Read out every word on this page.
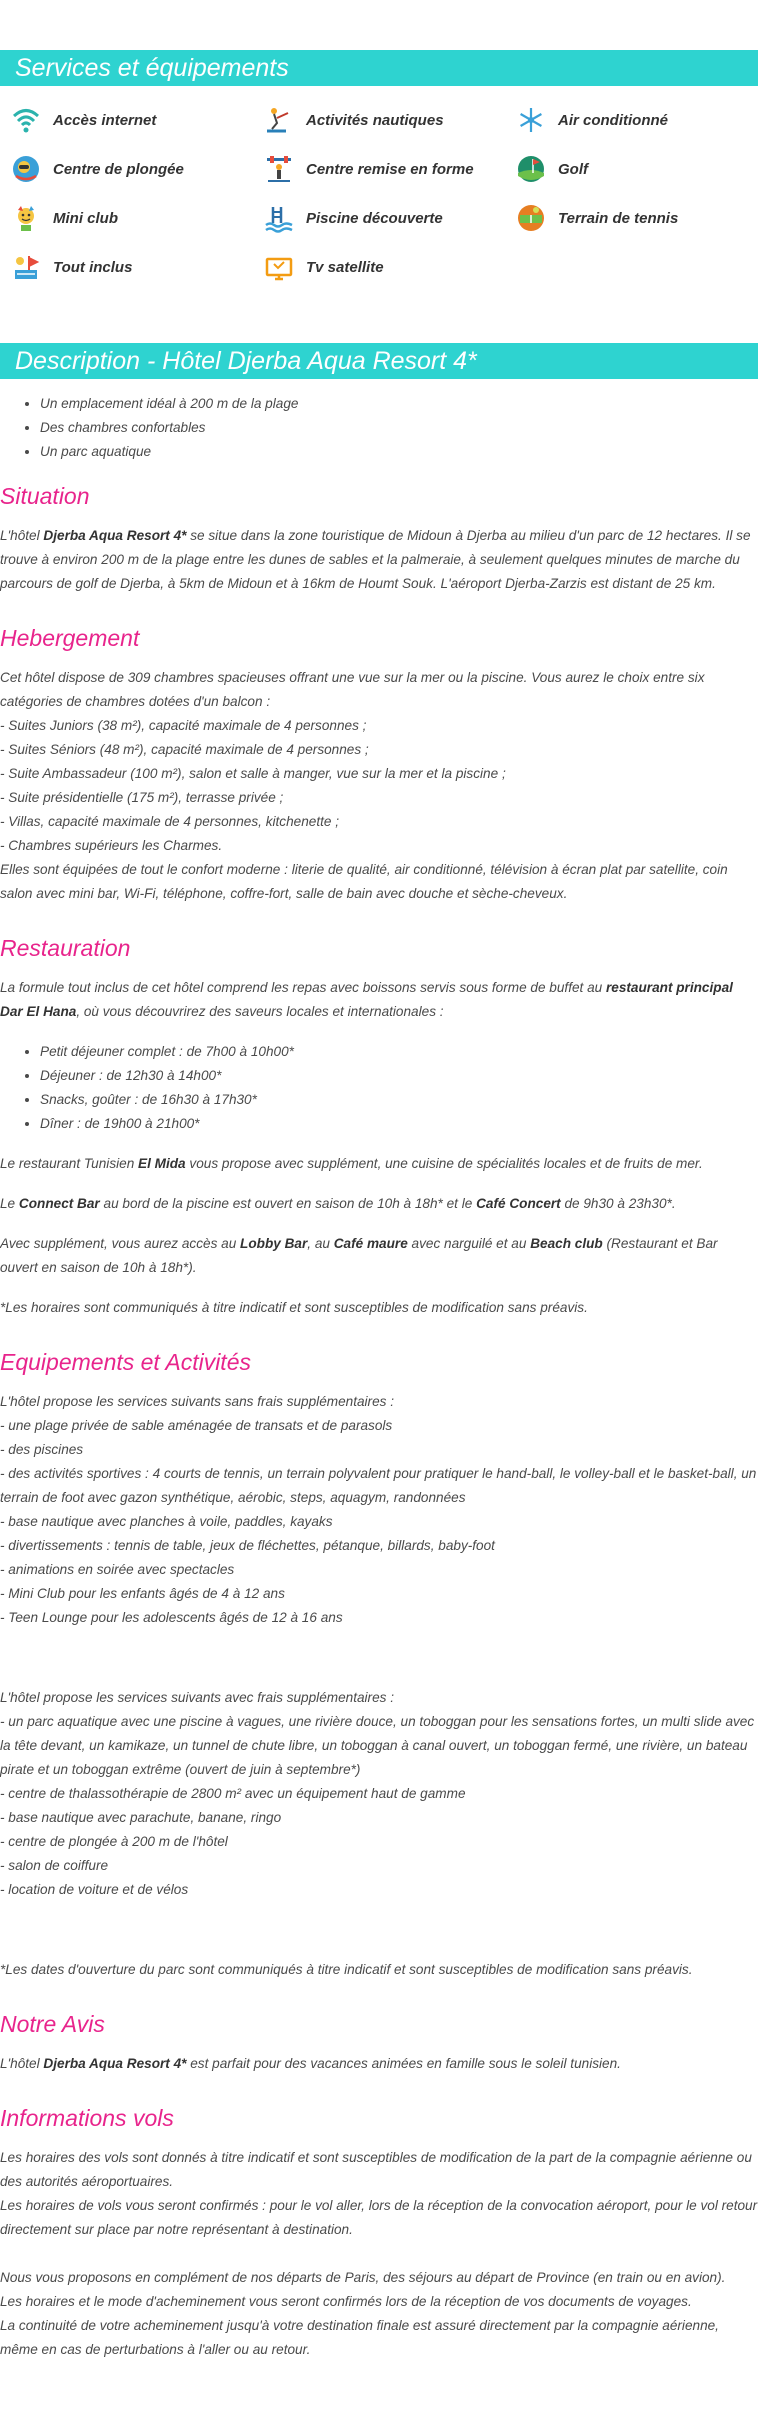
Services et équipements
Accès internet	Activités nautiques	Air conditionné
Centre de plongée	Centre remise en forme	Golf
Mini club	Piscine découverte	Terrain de tennis
Tout inclus	Tv satellite
Description - Hôtel Djerba Aqua Resort 4*
• Un emplacement idéal à 200 m de la plage
• Des chambres confortables
• Un parc aquatique
Situation

L'hôtel Djerba Aqua Resort 4* se situe dans la zone touristique de Midoun à Djerba au milieu d'un parc de 12 hectares. Il se trouve à environ 200 m de la plage entre les dunes de sables et la palmeraie, à seulement quelques minutes de marche du parcours de golf de Djerba, à 5km de Midoun et à 16km de Houmt Souk. L'aéroport Djerba-Zarzis est distant de 25 km.

Hebergement

Cet hôtel dispose de 309 chambres spacieuses offrant une vue sur la mer ou la piscine. Vous aurez le choix entre six catégories de chambres dotées d'un balcon :
- Suites Juniors (38 m²), capacité maximale de 4 personnes ;
- Suites Séniors (48 m²), capacité maximale de 4 personnes ;
- Suite Ambassadeur (100 m²), salon et salle à manger, vue sur la mer et la piscine ;
- Suite présidentielle (175 m²), terrasse privée ;
- Villas, capacité maximale de 4 personnes, kitchenette ;
- Chambres supérieurs les Charmes.
Elles sont équipées de tout le confort moderne : literie de qualité, air conditionné, télévision à écran plat par satellite, coin salon avec mini bar, Wi-Fi, téléphone, coffre-fort, salle de bain avec douche et sèche-cheveux.

Restauration

La formule tout inclus de cet hôtel comprend les repas avec boissons servis sous forme de buffet au restaurant principal Dar El Hana, où vous découvrirez des saveurs locales et internationales :

• Petit déjeuner complet : de 7h00 à 10h00*
• Déjeuner : de 12h30 à 14h00*
• Snacks, goûter : de 16h30 à 17h30*
• Dîner : de 19h00 à 21h00*

Le restaurant Tunisien El Mida vous propose avec supplément, une cuisine de spécialités locales et de fruits de mer.

Le Connect Bar au bord de la piscine est ouvert en saison de 10h à 18h* et le Café Concert de 9h30 à 23h30*.

Avec supplément, vous aurez accès au Lobby Bar, au Café maure avec narguilé et au Beach club (Restaurant et Bar ouvert en saison de 10h à 18h*).

*Les horaires sont communiqués à titre indicatif et sont susceptibles de modification sans préavis.

Equipements et Activités

L'hôtel propose les services suivants sans frais supplémentaires :
- une plage privée de sable aménagée de transats et de parasols
- des piscines
- des activités sportives : 4 courts de tennis, un terrain polyvalent pour pratiquer le hand-ball, le volley-ball et le basket-ball, un terrain de foot avec gazon synthétique, aérobic, steps, aquagym, randonnées
- base nautique avec planches à voile, paddles, kayaks
- divertissements : tennis de table, jeux de fléchettes, pétanque, billards, baby-foot
- animations en soirée avec spectacles
- Mini Club pour les enfants âgés de 4 à 12 ans
- Teen Lounge pour les adolescents âgés de 12 à 16 ans

L'hôtel propose les services suivants avec frais supplémentaires :
- un parc aquatique avec une piscine à vagues, une rivière douce, un toboggan pour les sensations fortes, un multi slide avec la tête devant, un kamikaze, un tunnel de chute libre, un toboggan à canal ouvert, un toboggan fermé, une rivière, un bateau pirate et un toboggan extrême (ouvert de juin à septembre*)
- centre de thalassothérapie de 2800 m² avec un équipement haut de gamme
- base nautique avec parachute, banane, ringo
- centre de plongée à 200 m de l'hôtel
- salon de coiffure
- location de voiture et de vélos

*Les dates d'ouverture du parc sont communiqués à titre indicatif et sont susceptibles de modification sans préavis.

Notre Avis

L'hôtel Djerba Aqua Resort 4* est parfait pour des vacances animées en famille sous le soleil tunisien.

Informations vols

Les horaires des vols sont donnés à titre indicatif et sont susceptibles de modification de la part de la compagnie aérienne ou des autorités aéroportuaires.
Les horaires de vols vous seront confirmés : pour le vol aller, lors de la réception de la convocation aéroport, pour le vol retour directement sur place par notre représentant à destination.

Nous vous proposons en complément de nos départs de Paris, des séjours au départ de Province (en train ou en avion).
Les horaires et le mode d'acheminement vous seront confirmés lors de la réception de vos documents de voyages.
La continuité de votre acheminement jusqu'à votre destination finale est assuré directement par la compagnie aérienne, même en cas de perturbations à l'aller ou au retour.
